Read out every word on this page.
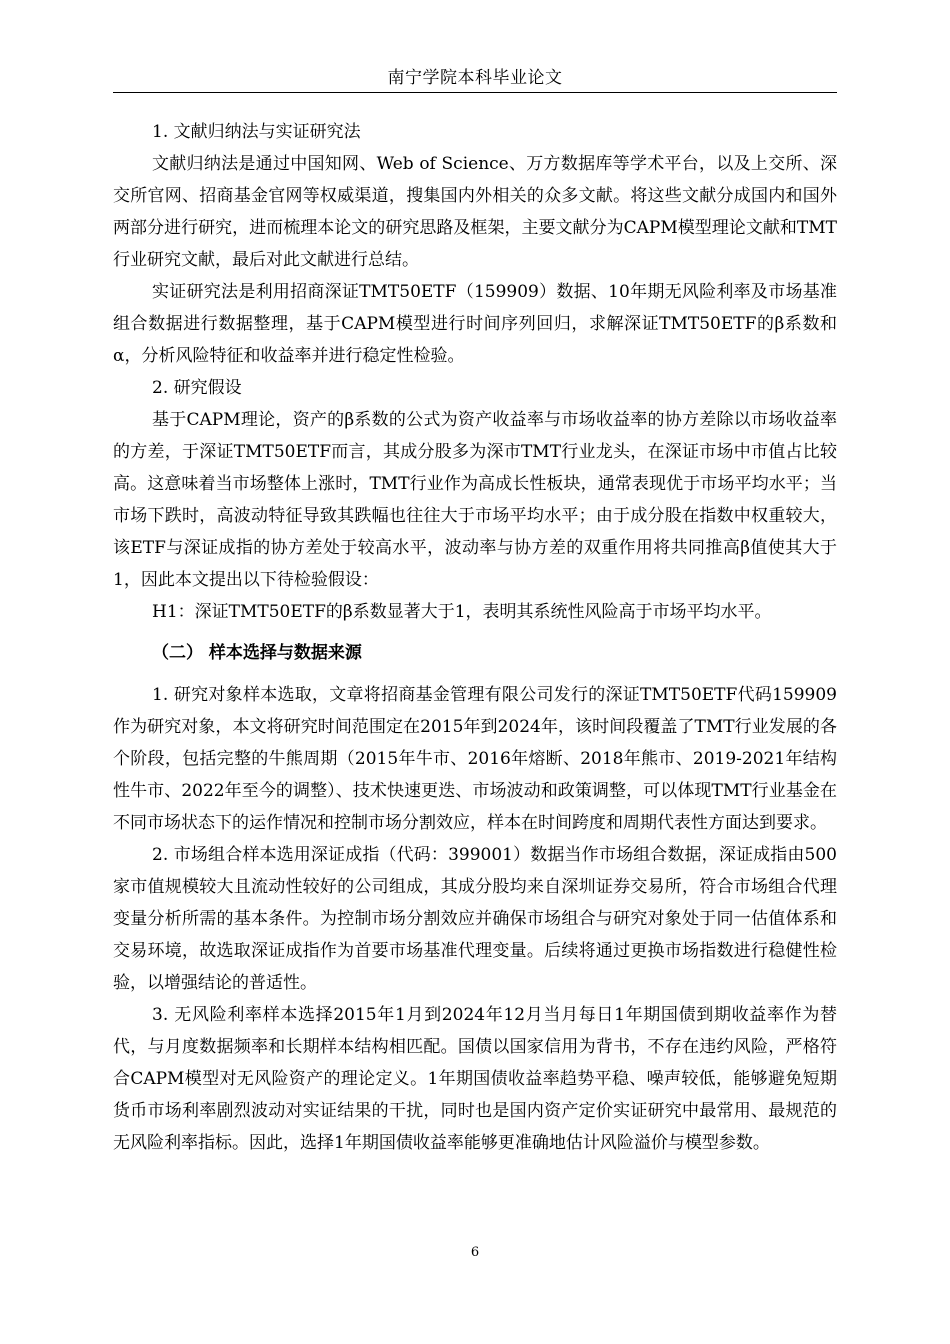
南宁学院本科毕业论文

1. 文献归纳法与实证研究法

文献归纳法是通过中国知网、Web of Science、万方数据库等学术平台，以及上交所、深交所官网、招商基金官网等权威渠道，搜集国内外相关的众多文献。将这些文献分成国内和国外两部分进行研究，进而梳理本论文的研究思路及框架，主要文献分为CAPM模型理论文献和TMT行业研究文献，最后对此文献进行总结。

实证研究法是利用招商深证TMT50ETF（159909）数据、10年期无风险利率及市场基准组合数据进行数据整理，基于CAPM模型进行时间序列回归，求解深证TMT50ETF的β系数和α，分析风险特征和收益率并进行稳定性检验。

2. 研究假设

基于CAPM理论，资产的β系数的公式为资产收益率与市场收益率的协方差除以市场收益率的方差，于深证TMT50ETF而言，其成分股多为深市TMT行业龙头，在深证市场中市值占比较高。这意味着当市场整体上涨时，TMT行业作为高成长性板块，通常表现优于市场平均水平；当市场下跌时，高波动特征导致其跌幅也往往大于市场平均水平；由于成分股在指数中权重较大，该ETF与深证成指的协方差处于较高水平，波动率与协方差的双重作用将共同推高β值使其大于1，因此本文提出以下待检验假设：

H1：深证TMT50ETF的β系数显著大于1，表明其系统性风险高于市场平均水平。

（二） 样本选择与数据来源

1. 研究对象样本选取，文章将招商基金管理有限公司发行的深证TMT50ETF代码159909作为研究对象，本文将研究时间范围定在2015年到2024年，该时间段覆盖了TMT行业发展的各个阶段，包括完整的牛熊周期（2015年牛市、2016年熔断、2018年熊市、2019-2021年结构性牛市、2022年至今的调整）、技术快速更迭、市场波动和政策调整，可以体现TMT行业基金在不同市场状态下的运作情况和控制市场分割效应，样本在时间跨度和周期代表性方面达到要求。

2. 市场组合样本选用深证成指（代码：399001）数据当作市场组合数据，深证成指由500家市值规模较大且流动性较好的公司组成，其成分股均来自深圳证券交易所，符合市场组合代理变量分析所需的基本条件。为控制市场分割效应并确保市场组合与研究对象处于同一估值体系和交易环境，故选取深证成指作为首要市场基准代理变量。后续将通过更换市场指数进行稳健性检验，以增强结论的普适性。

3. 无风险利率样本选择2015年1月到2024年12月当月每日1年期国债到期收益率作为替代，与月度数据频率和长期样本结构相匹配。国债以国家信用为背书，不存在违约风险，严格符合CAPM模型对无风险资产的理论定义。1年期国债收益率趋势平稳、噪声较低，能够避免短期货币市场利率剧烈波动对实证结果的干扰，同时也是国内资产定价实证研究中最常用、最规范的无风险利率指标。因此，选择1年期国债收益率能够更准确地估计风险溢价与模型参数。

6
